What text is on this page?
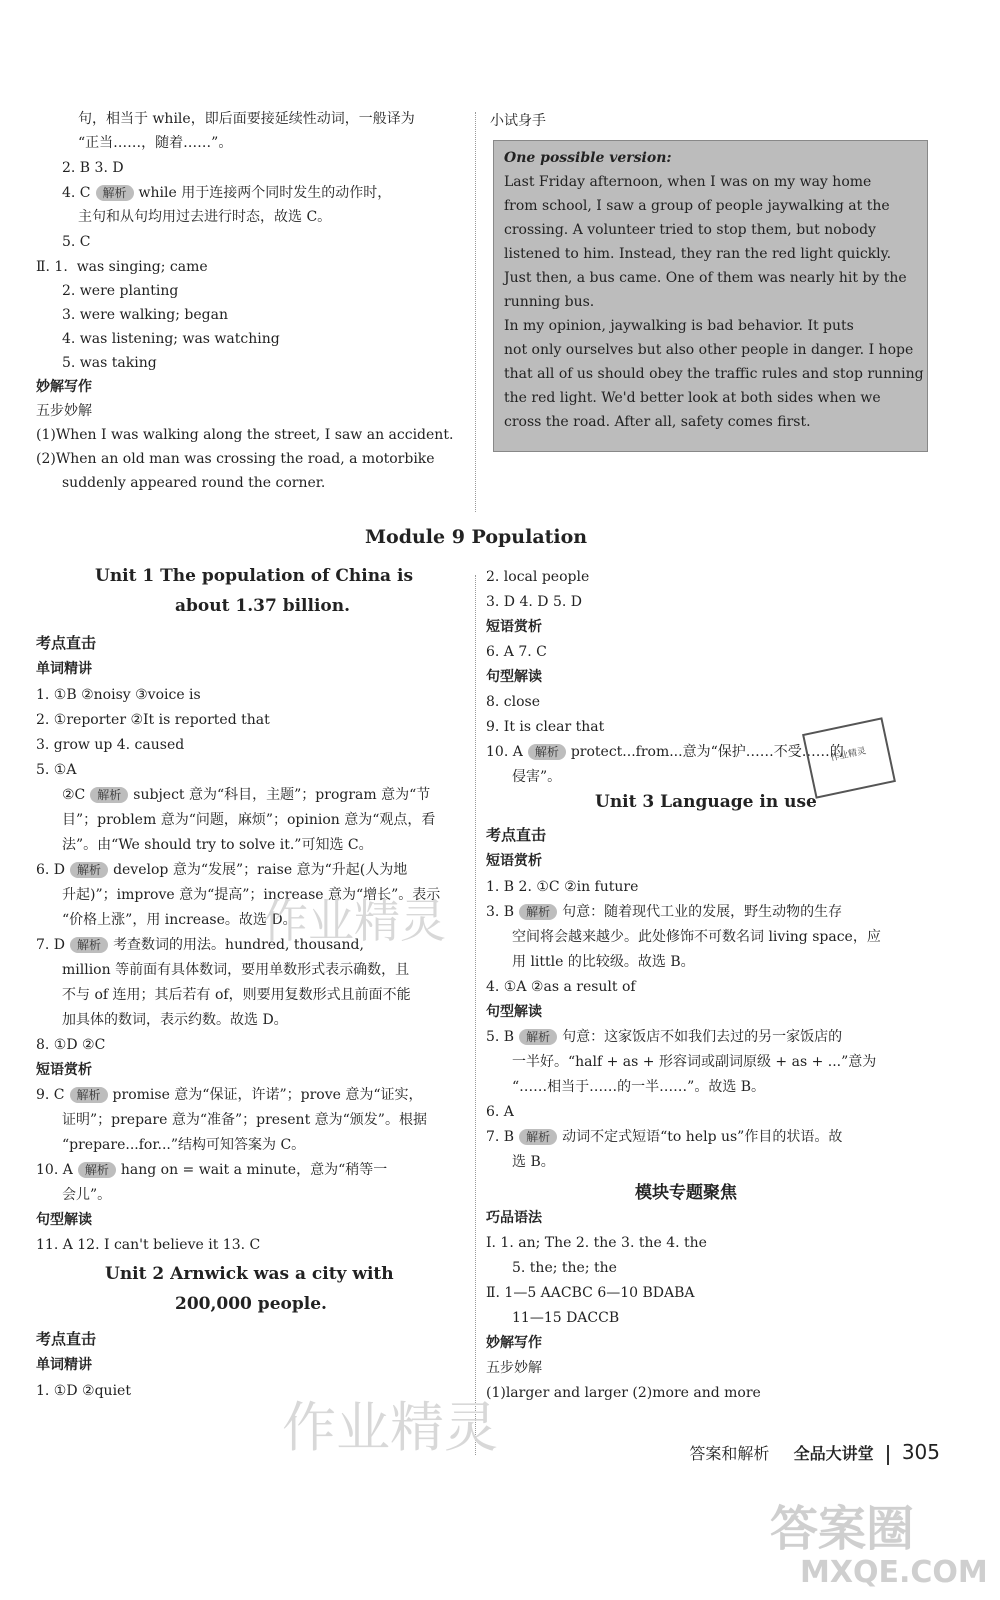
句，相当于 while，即后面要接延续性动词，一般译为
“正当……，随着……”。
2. B 3. D
4. C 解析 while 用于连接两个同时发生的动作时，
主句和从句均用过去进行时态，故选 C。
5. C
Ⅱ. 1. was singing; came
2. were planting
3. were walking; began
4. was listening; was watching
5. was taking
妙解写作
五步妙解
(1)When I was walking along the street, I saw an accident.
(2)When an old man was crossing the road, a motorbike
suddenly appeared round the corner.
小试身手
One possible version:
Last Friday afternoon, when I was on my way home
from school, I saw a group of people jaywalking at the
crossing. A volunteer tried to stop them, but nobody
listened to him. Instead, they ran the red light quickly.
Just then, a bus came. One of them was nearly hit by the
running bus.
In my opinion, jaywalking is bad behavior. It puts
not only ourselves but also other people in danger. I hope
that all of us should obey the traffic rules and stop running
the red light. We'd better look at both sides when we
cross the road. After all, safety comes first.
Module 9 Population
Unit 1 The population of China is
about 1.37 billion.
考点直击
单词精讲
1. ①B ②noisy ③voice is
2. ①reporter ②It is reported that
3. grow up 4. caused
5. ①A
②C 解析 subject 意为“科目，主题”；program 意为“节
目”；problem 意为“问题，麻烦”；opinion 意为“观点，看
法”。由“We should try to solve it.”可知选 C。
6. D 解析 develop 意为“发展”；raise 意为“升起(人为地
升起)”；improve 意为“提高”；increase 意为“增长”。表示
“价格上涨”，用 increase。故选 D。
7. D 解析 考查数词的用法。hundred, thousand,
million 等前面有具体数词，要用单数形式表示确数，且
不与 of 连用；其后若有 of，则要用复数形式且前面不能
加具体的数词，表示约数。故选 D。
8. ①D ②C
短语赏析
9. C 解析 promise 意为“保证，许诺”；prove 意为“证实，
证明”；prepare 意为“准备”；present 意为“颁发”。根据
“prepare...for...”结构可知答案为 C。
10. A 解析 hang on = wait a minute，意为“稍等一
会儿”。
句型解读
11. A 12. I can't believe it 13. C
Unit 2 Arnwick was a city with
200,000 people.
考点直击
单词精讲
1. ①D ②quiet
2. local people
3. D 4. D 5. D
短语赏析
6. A 7. C
句型解读
8. close
9. It is clear that
10. A 解析 protect...from...意为“保护……不受……的
侵害”。
Unit 3 Language in use
考点直击
短语赏析
1. B 2. ①C ②in future
3. B 解析 句意：随着现代工业的发展，野生动物的生存
空间将会越来越少。此处修饰不可数名词 living space，应
用 little 的比较级。故选 B。
4. ①A ②as a result of
句型解读
5. B 解析 句意：这家饭店不如我们去过的另一家饭店的
一半好。“half + as + 形容词或副词原级 + as + ...”意为
“……相当于……的一半……”。故选 B。
6. A
7. B 解析 动词不定式短语“to help us”作目的状语。故
选 B。
模块专题聚焦
巧品语法
Ⅰ. 1. an; The 2. the 3. the 4. the
5. the; the; the
Ⅱ. 1—5 AACBC 6—10 BDABA
11—15 DACCB
妙解写作
五步妙解
(1)larger and larger (2)more and more
答案和解析 全品大讲堂 305
作业精灵
作业精灵
作业精灵
答案圈
MXQE.COM
